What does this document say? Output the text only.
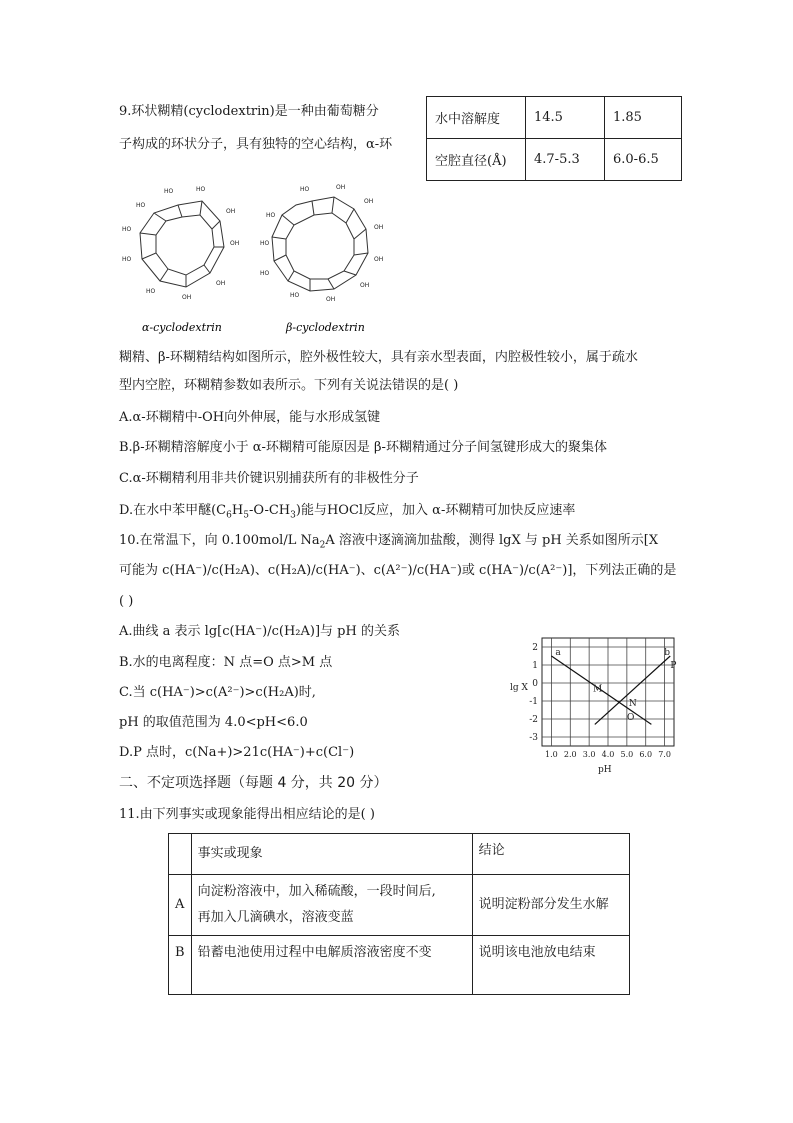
9.环状糊精(cyclodextrin)是一种由葡萄糖分
子构成的环状分子，具有独特的空心结构，α-环
水中溶解度	14.5	1.85
空腔直径(Å)	4.7-5.3	6.0-6.5
HO	HO
OH
OH
OH
OH
HO
HO
HO
HO
HO	OH
OH
OH
OH
OH
OH
HO
HO
HO
HO
α-cyclodextrin	β-cyclodextrin
糊精、β-环糊精结构如图所示，腔外极性较大，具有亲水型表面，内腔极性较小，属于疏水
型内空腔，环糊精参数如表所示。下列有关说法错误的是( )
A.α-环糊精中-OH向外伸展，能与水形成氢键
B.β-环糊精溶解度小于 α-环糊精可能原因是 β-环糊精通过分子间氢键形成大的聚集体
C.α-环糊精利用非共价键识别捕获所有的非极性分子
D.在水中苯甲醚$(C_6H_5-O-CH_3)$能与HOCl反应，加入 α-环糊精可加快反应速率
10.在常温下，向 0.100mol/L $Na_2A$ 溶液中逐滴滴加盐酸，测得 lgX 与 pH 关系如图所示[X
可能为 c(HA⁻)/c(H₂A)、c(H₂A)/c(HA⁻)、c(A²⁻)/c(HA⁻)或 c(HA⁻)/c(A²⁻)]，下列法正确的是
( )
A.曲线 a 表示 lg[c(HA⁻)/c(H₂A)]与 pH 的关系
B.水的电离程度：N 点=O 点>M 点
C.当 c(HA⁻)>c(A²⁻)>c(H₂A)时,
pH 的取值范围为 4.0<pH<6.0
D.P 点时，c(Na+)>21c(HA⁻)+c(Cl⁻)
2
1
0
-1
-2
-3
1.0 2.0 3.0 4.0 5.0 6.0 7.0
a	b
M
N
O
P
lg X
pH
二、不定项选择题（每题 4 分，共 20 分）
11.由下列事实或现象能得出相应结论的是( )
	事实或现象	结论
A	向淀粉溶液中，加入稀硫酸，一段时间后,
再加入几滴碘水，溶液变蓝	说明淀粉部分发生水解
B	铅蓄电池使用过程中电解质溶液密度不变	说明该电池放电结束
